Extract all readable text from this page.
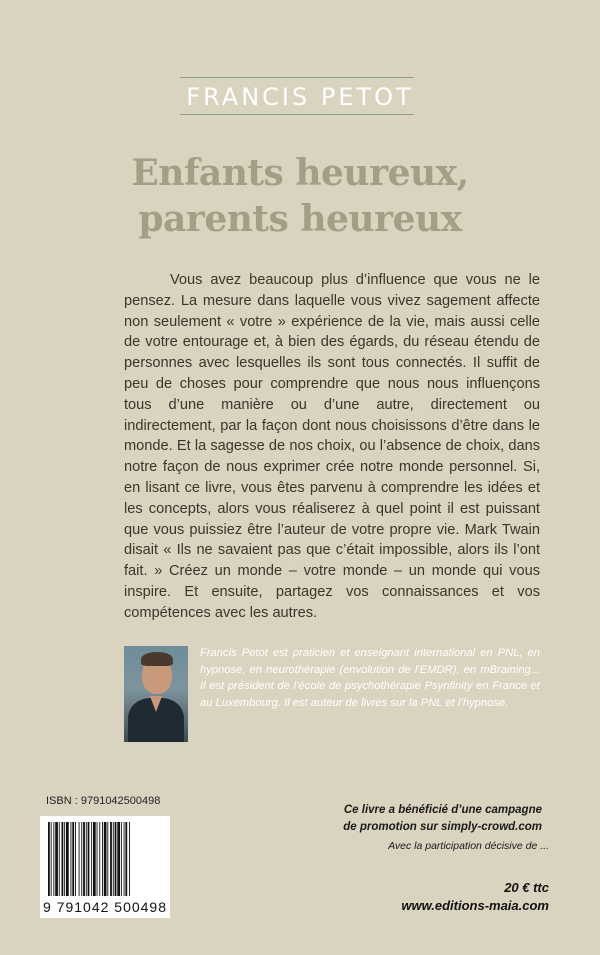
FRANCIS PETOT
Enfants heureux,
parents heureux

Vous avez beaucoup plus d’influence que vous ne le pensez. La mesure dans laquelle vous vivez sagement affecte non seulement « votre » expérience de la vie, mais aussi celle de votre entourage et, à bien des égards, du réseau étendu de personnes avec lesquelles ils sont tous connectés. Il suffit de peu de choses pour comprendre que nous nous influençons tous d’une manière ou d’une autre, directement ou indirectement, par la façon dont nous choisissons d’être dans le monde. Et la sagesse de nos choix, ou l’absence de choix, dans notre façon de nous exprimer crée notre monde personnel. Si, en lisant ce livre, vous êtes parvenu à comprendre les idées et les concepts, alors vous réaliserez à quel point il est puissant que vous puissiez être l’auteur de votre propre vie. Mark Twain disait « Ils ne savaient pas que c’était impossible, alors ils l’ont fait. » Créez un monde – votre monde – un monde qui vous inspire. Et ensuite, partagez vos connaissances et vos compétences avec les autres.

Francis Petot est praticien et enseignant international en PNL, en hypnose, en neurothérapie (envolution de l’EMDR), en mBraining... Il est président de l’école de psychothérapie Psynfinity en France et au Luxembourg. Il est auteur de livres sur la PNL et l’hypnose.

ISBN : 9791042500498
9 791042 500498
Ce livre a bénéficié d’une campagne
de promotion sur simply-crowd.com
Avec la participation décisive de ...
20 € ttc
www.editions-maia.com
